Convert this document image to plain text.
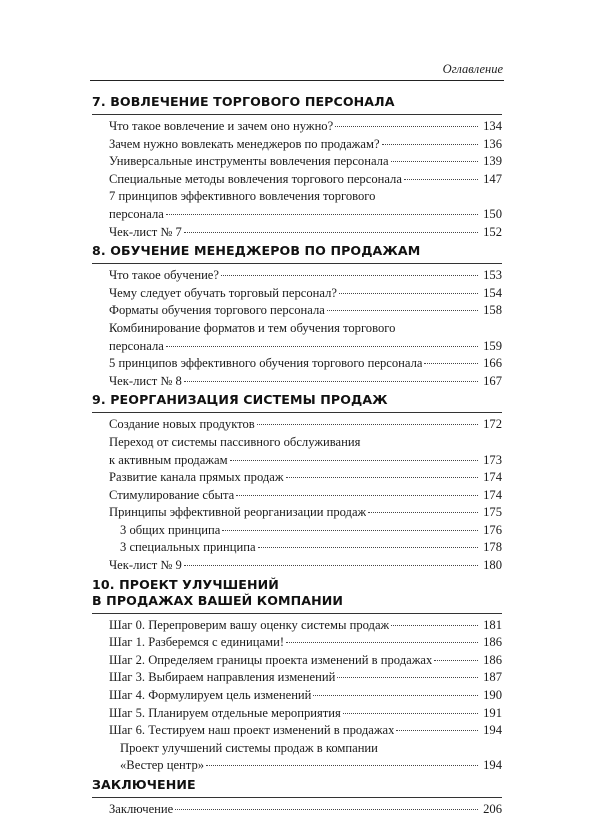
Оглавление
7. ВОВЛЕЧЕНИЕ ТОРГОВОГО ПЕРСОНАЛА
Что такое вовлечение и зачем оно нужно?	134
Зачем нужно вовлекать менеджеров по продажам?	136
Универсальные инструменты вовлечения персонала	139
Специальные методы вовлечения торгового персонала	147
7 принципов эффективного вовлечения торгового
персонала	150
Чек-лист № 7	152
8. ОБУЧЕНИЕ МЕНЕДЖЕРОВ ПО ПРОДАЖАМ
Что такое обучение?	153
Чему следует обучать торговый персонал?	154
Форматы обучения торгового персонала	158
Комбинирование форматов и тем обучения торгового
персонала	159
5 принципов эффективного обучения торгового персонала	166
Чек-лист № 8	167
9. РЕОРГАНИЗАЦИЯ СИСТЕМЫ ПРОДАЖ
Создание новых продуктов	172
Переход от системы пассивного обслуживания
к активным продажам	173
Развитие канала прямых продаж	174
Стимулирование сбыта	174
Принципы эффективной реорганизации продаж	175
3 общих принципа	176
3 специальных принципа	178
Чек-лист № 9	180
10. ПРОЕКТ УЛУЧШЕНИЙ
В ПРОДАЖАХ ВАШЕЙ КОМПАНИИ
Шаг 0. Перепроверим вашу оценку системы продаж	181
Шаг 1. Разберемся с единицами!	186
Шаг 2. Определяем границы проекта изменений в продажах	186
Шаг 3. Выбираем направления изменений	187
Шаг 4. Формулируем цель изменений	190
Шаг 5. Планируем отдельные мероприятия	191
Шаг 6. Тестируем наш проект изменений в продажах	194
Проект улучшений системы продаж в компании
«Вестер центр»	194
ЗАКЛЮЧЕНИЕ
Заключение	206
